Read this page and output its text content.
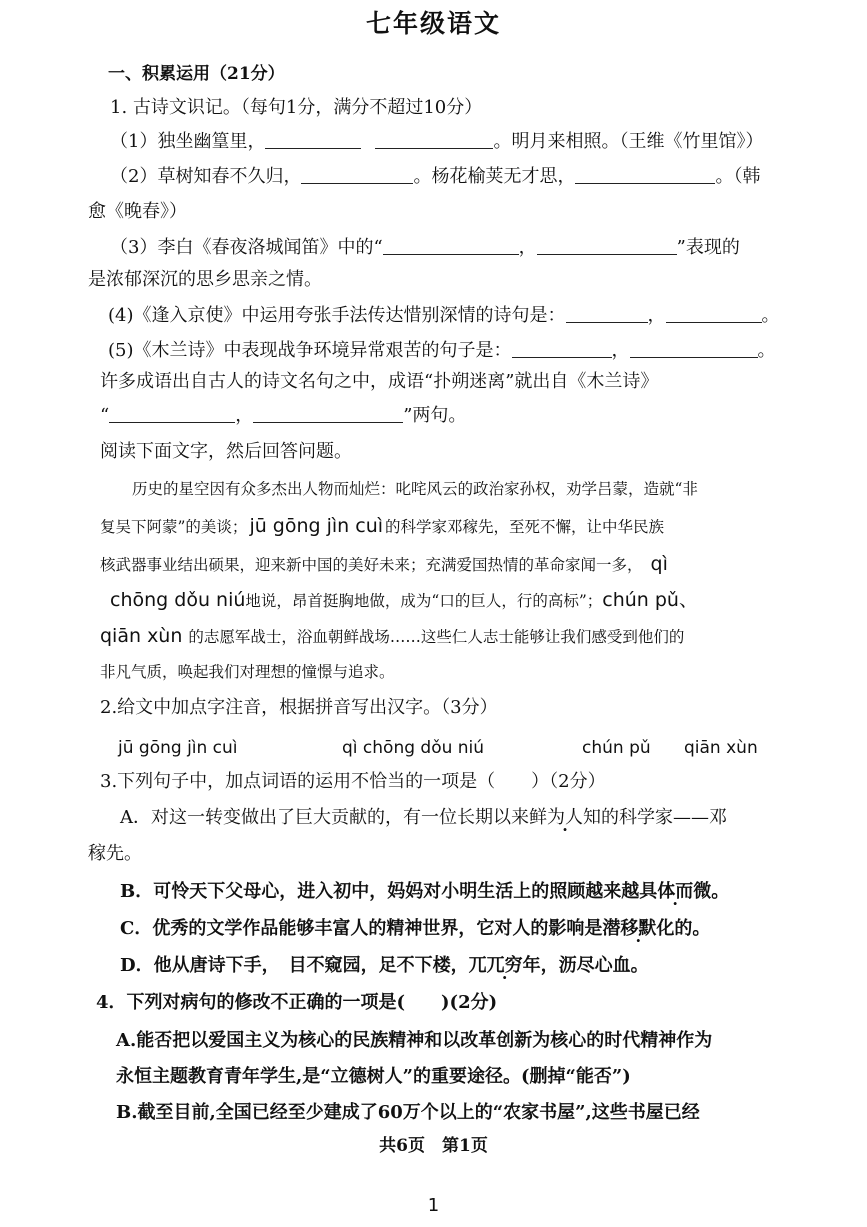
七年级语文
一、积累运用（21分）
1. 古诗文识记。（每句1分，满分不超过10分）
（1）独坐幽篁里，	。明月来相照。（王维《竹里馆》）
（2）草树知春不久归，	。杨花榆荚无才思，	。（韩
愈《晚春》）
（3）李白《春夜洛城闻笛》中的“	，	”表现的
是浓郁深沉的思乡思亲之情。
(4)《逢入京使》中运用夸张手法传达惜别深情的诗句是：	，	。
(5)《木兰诗》中表现战争环境异常艰苦的句子是：	，	。
许多成语出自古人的诗文名句之中，成语“扑朔迷离”就出自《木兰诗》
“	，	”两句。
阅读下面文字，然后回答问题。
历史的星空因有众多杰出人物而灿烂：叱咤风云的政治家孙权，劝学吕蒙，造就“非
复吴下阿蒙”的美谈； jū gōng jìn cuì 的科学家邓稼先，至死不懈，让中华民族
核武器事业结出硕果，迎来新中国的美好未来；充满爱国热情的革命家闻一多， qì
chōng dǒu niú地说，昂首挺胸地做，成为“口的巨人，行的高标”；chún pǔ、
qiān xùn 的志愿军战士，浴血朝鲜战场……这些仁人志士能够让我们感受到他们的
非凡气质，唤起我们对理想的憧憬与追求。
2.给文中加点字注音，根据拼音写出汉字。（3分）
jū gōng jìn cuì	qì chōng dǒu niú	chún pǔ qiān xùn
3.下列句子中，加点词语的运用不恰当的一项是（　　）（2分）
A．对这一转变做出了巨大贡献的，有一位长期以来鲜为人知的科学家——邓
稼先。
B．可怜天下父母心，进入初中，妈妈对小明生活上的照顾越来越具体而微。
C．优秀的文学作品能够丰富人的精神世界，它对人的影响是潜移默化的。
D．他从唐诗下手，　目不窥园，足不下楼，兀兀穷年，沥尽心血。
4．下列对病句的修改不正确的一项是(　　)(2分)
A.能否把以爱国主义为核心的民族精神和以改革创新为核心的时代精神作为
永恒主题教育青年学生,是“立德树人”的重要途径。(删掉“能否”)
B.截至目前,全国已经至少建成了60万个以上的“农家书屋”,这些书屋已经
共6页　第1页
1
